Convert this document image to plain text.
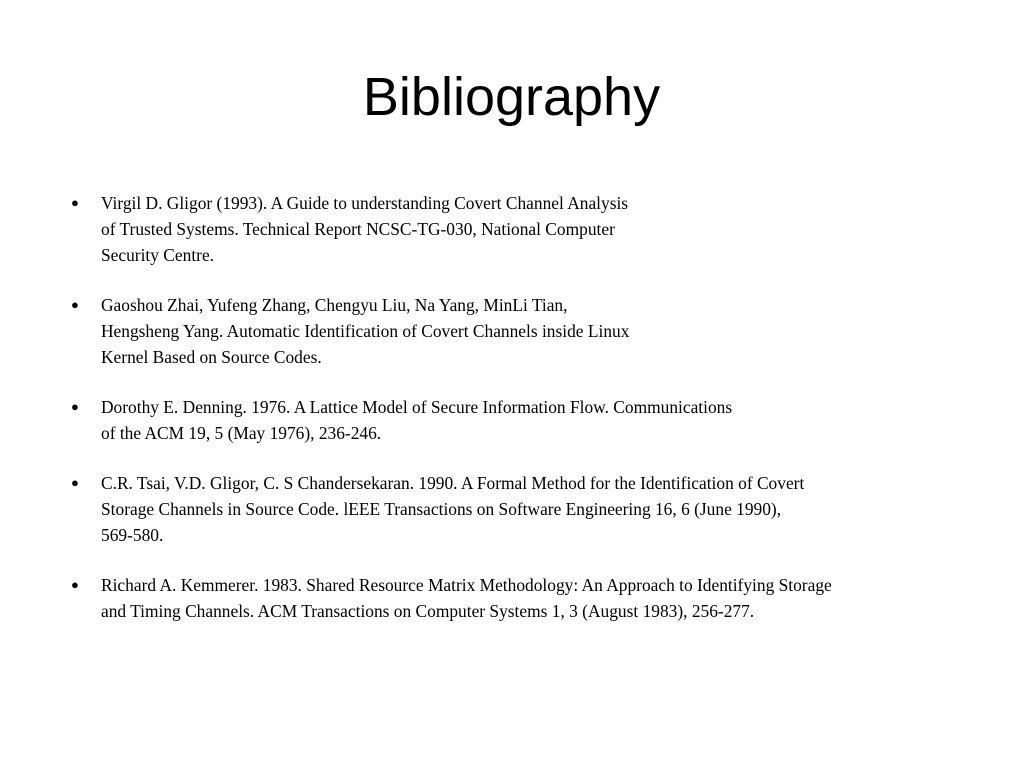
Bibliography
● Virgil D. Gligor (1993). A Guide to understanding Covert Channel Analysis
of Trusted Systems. Technical Report NCSC-TG-030, National Computer
Security Centre.
● Gaoshou Zhai, Yufeng Zhang, Chengyu Liu, Na Yang, MinLi Tian,
Hengsheng Yang. Automatic Identification of Covert Channels inside Linux
Kernel Based on Source Codes.
● Dorothy E. Denning. 1976. A Lattice Model of Secure Information Flow. Communications
of the ACM 19, 5 (May 1976), 236-246.
● C.R. Tsai, V.D. Gligor, C. S Chandersekaran. 1990. A Formal Method for the Identification of Covert
Storage Channels in Source Code. lEEE Transactions on Software Engineering 16, 6 (June 1990),
569-580.
● Richard A. Kemmerer. 1983. Shared Resource Matrix Methodology: An Approach to Identifying Storage
and Timing Channels. ACM Transactions on Computer Systems 1, 3 (August 1983), 256-277.
